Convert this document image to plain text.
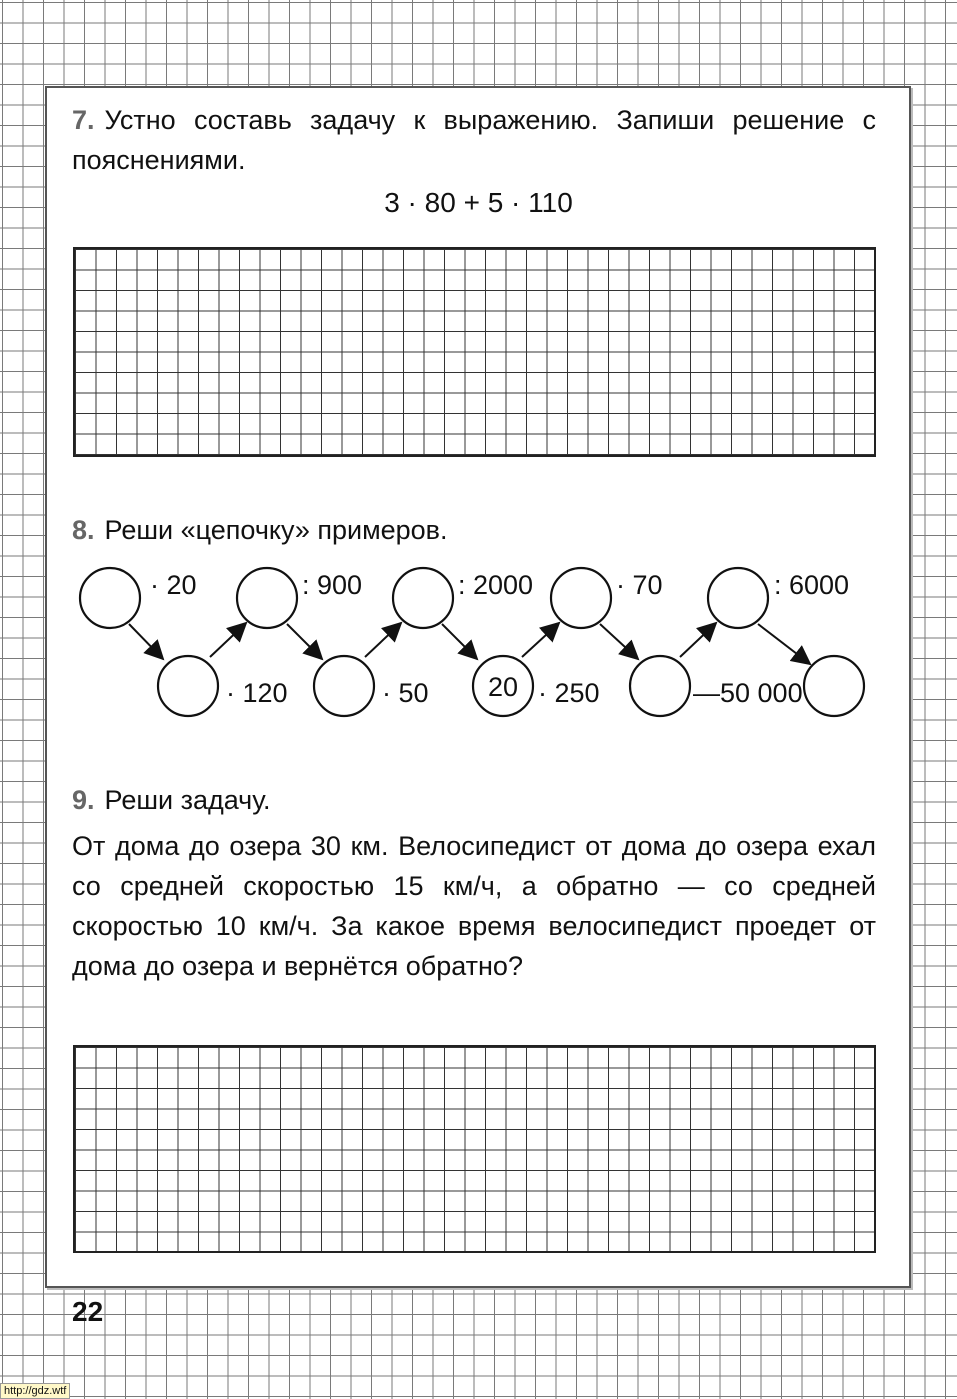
7. Устно составь задачу к выражению. Запиши решение с пояснениями.
3 · 80 + 5 · 110
8. Реши «цепочку» примеров.
20
· 20
· 120
: 900
· 50
: 2000
· 250
· 70
—50 000
: 6000
9. Реши задачу.
От дома до озера 30 км. Велосипедист от дома до озера ехал со средней скоростью 15 км/ч, а обратно — со средней скоростью 10 км/ч. За какое время велосипедист проедет от дома до озера и вернётся обратно?
22
http://gdz.wtf
